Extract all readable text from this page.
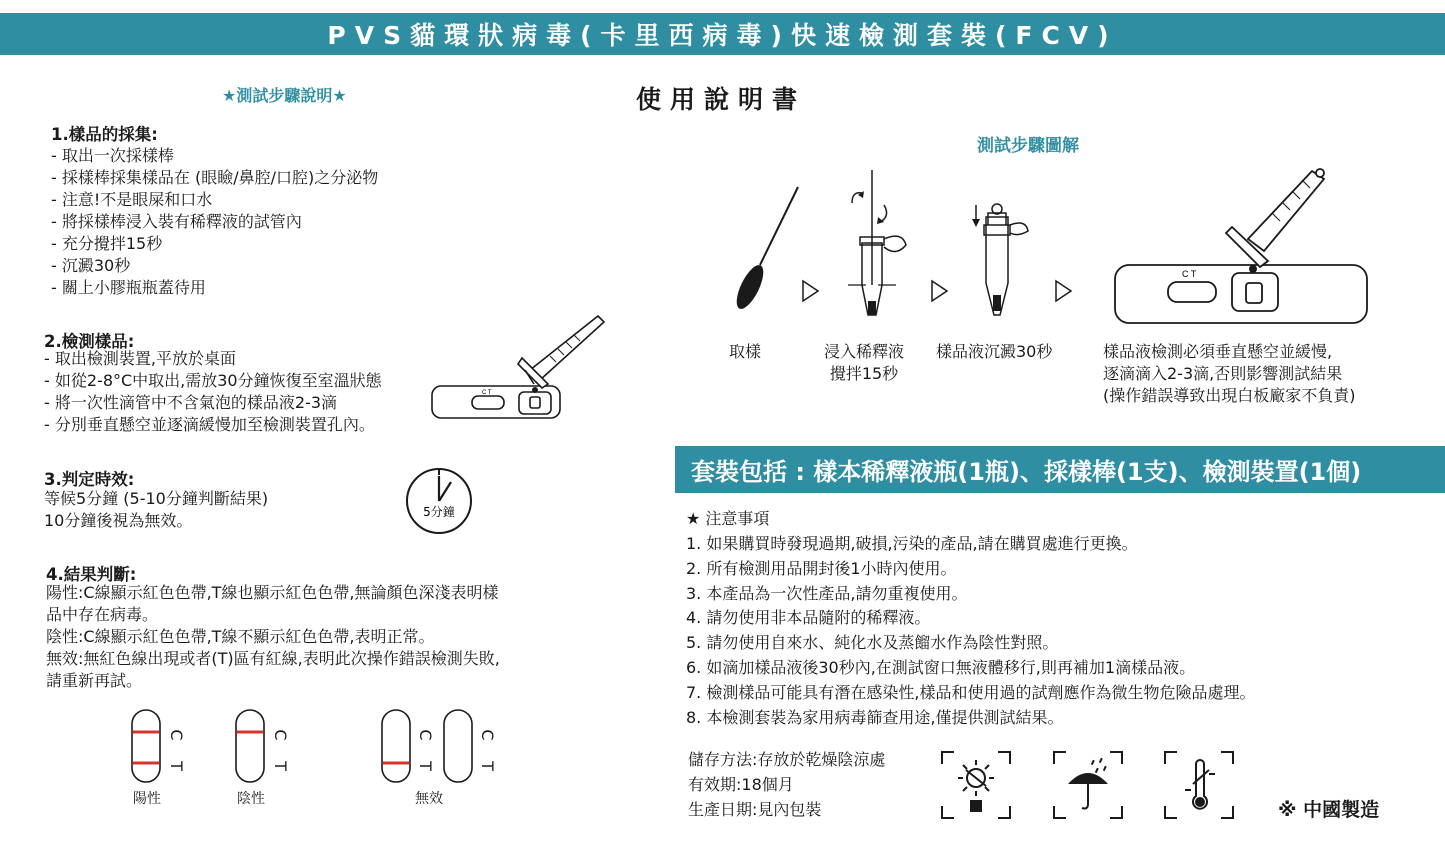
PVS貓環狀病毒(卡里西病毒)快速檢測套裝(FCV)
★測試步驟說明★
1.樣品的採集:
- 取出一次採樣棒
- 採樣棒採集樣品在 (眼瞼/鼻腔/口腔)之分泌物
- 注意!不是眼屎和口水
- 將採樣棒浸入裝有稀釋液的試管內
- 充分攪拌15秒
- 沉澱30秒
- 關上小膠瓶瓶蓋待用
2.檢測樣品:
- 取出檢測裝置,平放於桌面
- 如從2-8°C中取出,需放30分鐘恢復至室溫狀態
- 將一次性滴管中不含氣泡的樣品液2-3滴
- 分別垂直懸空並逐滴緩慢加至檢測裝置孔內。
C T
3.判定時效:
等候5分鐘 (5-10分鐘判斷結果)
10分鐘後視為無效。	5分鐘
4.結果判斷:
陽性:C線顯示紅色色帶,T線也顯示紅色色帶,無論顏色深淺表明樣
品中存在病毒。
陰性:C線顯示紅色色帶,T線不顯示紅色色帶,表明正常。
無效:無紅色線出現或者(T)區有紅線,表明此次操作錯誤檢測失敗,
請重新再試。
C
T
C
T
C
T
C
T
陽性	陰性	無效
使用說明書
測試步驟圖解
C T
取樣	浸入稀釋液
攪拌15秒
樣品液沉澱30秒	樣品液檢測必須垂直懸空並緩慢,
逐滴滴入2-3滴,否則影響測試結果
(操作錯誤導致出現白板廠家不負責)
套裝包括 : 樣本稀釋液瓶(1瓶)、採樣棒(1支)、檢測裝置(1個)
★ 注意事項
1. 如果購買時發現過期,破損,污染的產品,請在購買處進行更換。
2. 所有檢測用品開封後1小時內使用。
3. 本產品為一次性產品,請勿重複使用。
4. 請勿使用非本品隨附的稀釋液。
5. 請勿使用自來水、純化水及蒸餾水作為陰性對照。
6. 如滴加樣品液後30秒內,在測試窗口無液體移行,則再補加1滴樣品液。
7. 檢測樣品可能具有潛在感染性,樣品和使用過的試劑應作為微生物危險品處理。
8. 本檢測套裝為家用病毒篩查用途,僅提供測試結果。
儲存方法:存放於乾燥陰涼處
有效期:18個月
生產日期:見內包裝	※ 中國製造
